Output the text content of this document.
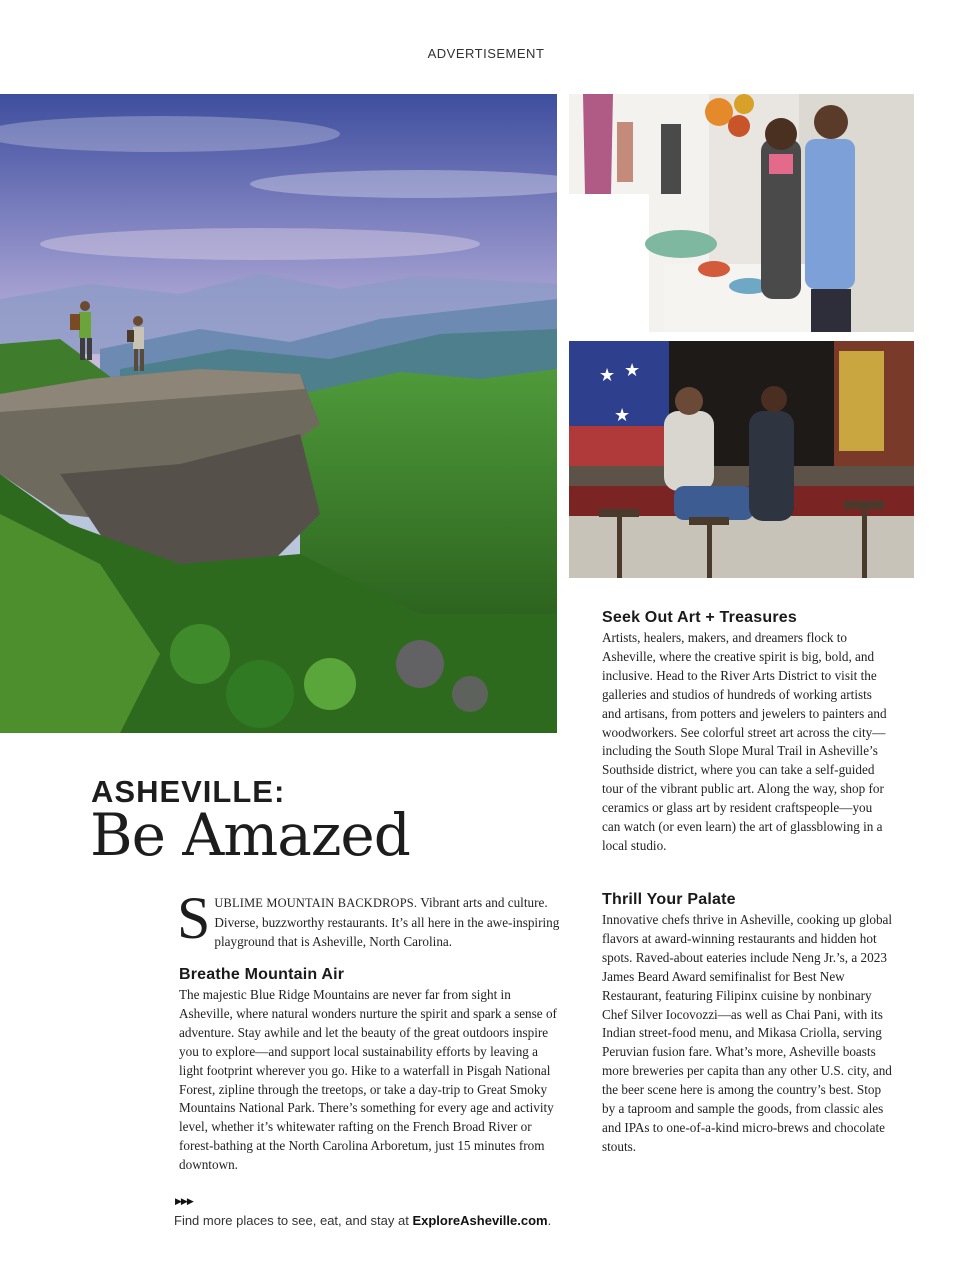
ADVERTISEMENT
★ ★
★
ASHEVILLE:
Be Amazed
SUBLIME MOUNTAIN BACKDROPS. Vibrant arts and culture. Diverse, buzzworthy restaurants. It’s all here in the awe-inspiring playground that is Asheville, North Carolina.
Breathe Mountain Air
The majestic Blue Ridge Mountains are never far from sight in Asheville, where natural wonders nurture the spirit and spark a sense of adventure. Stay awhile and let the beauty of the great outdoors inspire you to explore—and support local sustainability efforts by leaving a light footprint wherever you go. Hike to a waterfall in Pisgah National Forest, zipline through the treetops, or take a day-trip to Great Smoky Mountains National Park. There’s something for every age and activity level, whether it’s whitewater rafting on the French Broad River or forest-bathing at the North Carolina Arboretum, just 15 minutes from downtown.
Seek Out Art + Treasures
Artists, healers, makers, and dreamers flock to Asheville, where the creative spirit is big, bold, and inclusive. Head to the River Arts District to visit the galleries and studios of hundreds of working artists and artisans, from potters and jewelers to painters and woodworkers. See colorful street art across the city—including the South Slope Mural Trail in Asheville’s Southside district, where you can take a self-guided tour of the vibrant public art. Along the way, shop for ceramics or glass art by resident craftspeople—you can watch (or even learn) the art of glassblowing in a local studio.
Thrill Your Palate
Innovative chefs thrive in Asheville, cooking up global flavors at award-winning restaurants and hidden hot spots. Raved-about eateries include Neng Jr.’s, a 2023 James Beard Award semifinalist for Best New Restaurant, featuring Filipinx cuisine by nonbinary Chef Silver Iocovozzi—as well as Chai Pani, with its Indian street-food menu, and Mikasa Criolla, serving Peruvian fusion fare. What’s more, Asheville boasts more breweries per capita than any other U.S. city, and the beer scene here is among the country’s best. Stop by a taproom and sample the goods, from classic ales and IPAs to one-of-a-kind micro-brews and chocolate stouts.
▶▶▶
Find more places to see, eat, and stay at ExploreAsheville.com.
